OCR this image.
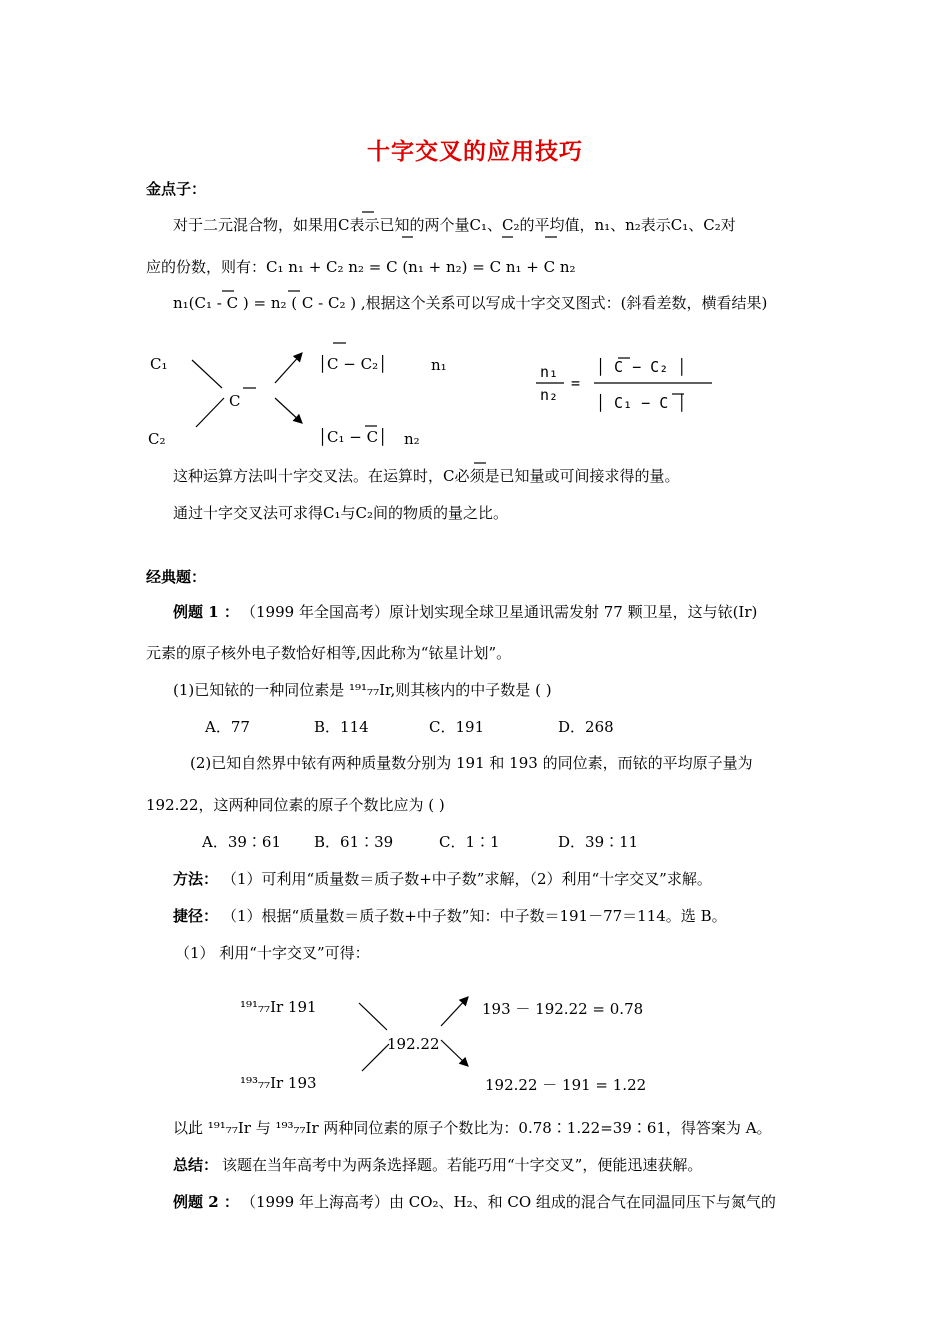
十字交叉的应用技巧
金点子：
对于二元混合物，如果用C表示已知的两个量C₁、C₂的平均值，n₁、n₂表示C₁、C₂对
应的份数，则有：C₁ n₁ + C₂ n₂ = C (n₁ + n₂) = C n₁ + C n₂
n₁(C₁ - C ) = n₂ ( C - C₂ ) ,根据这个关系可以写成十字交叉图式：(斜看差数，横看结果)
C₁
C₂
C
│C − C₂│
│C₁ − C│
n₁
n₂
n₁
n₂
=
│ C − C₂ │
│ C₁ − C │
这种运算方法叫十字交叉法。在运算时，C必须是已知量或可间接求得的量。
通过十字交叉法可求得C₁与C₂间的物质的量之比。
经典题：
例题 1 ： （1999 年全国高考）原计划实现全球卫星通讯需发射 77 颗卫星，这与铱(Ir)
元素的原子核外电子数恰好相等,因此称为“铱星计划”。
(1)已知铱的一种同位素是 ¹⁹¹₇₇Ir,则其核内的中子数是 ( )
A．77	B．114	C．191	D．268
(2)已知自然界中铱有两种质量数分别为 191 和 193 的同位素，而铱的平均原子量为
192.22，这两种同位素的原子个数比应为 ( )
A．39∶61 B．61∶39	C．1∶1	D．39∶11
方法： （1）可利用“质量数＝质子数+中子数”求解，（2）利用“十字交叉”求解。
捷径： （1）根据“质量数＝质子数+中子数”知：中子数＝191－77＝114。选 B。
（1） 利用“十字交叉”可得：
¹⁹¹₇₇Ir 191
¹⁹³₇₇Ir 193
192.22
193 － 192.22 = 0.78
192.22 － 191 = 1.22
以此 ¹⁹¹₇₇Ir 与 ¹⁹³₇₇Ir 两种同位素的原子个数比为：0.78∶1.22=39∶61，得答案为 A。
总结： 该题在当年高考中为两条选择题。若能巧用“十字交叉”，便能迅速获解。
例题 2 ： （1999 年上海高考）由 CO₂、H₂、和 CO 组成的混合气在同温同压下与氮气的
